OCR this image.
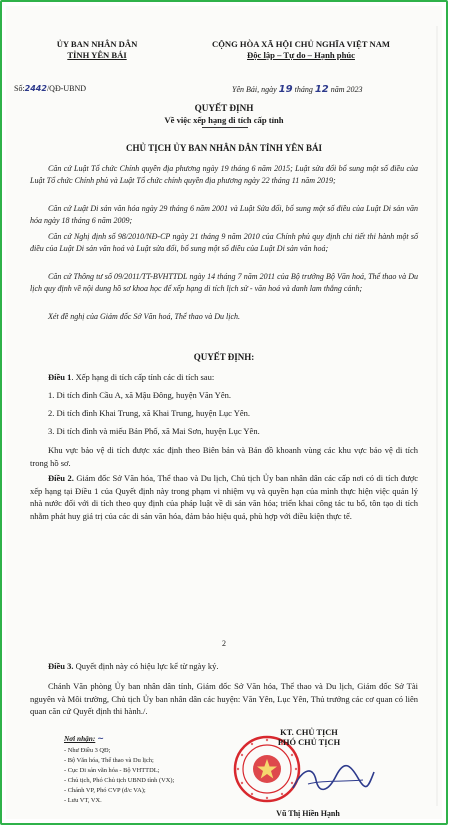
ỦY BAN NHÂN DÂN
TỈNH YÊN BÁI
CỘNG HÒA XÃ HỘI CHỦ NGHĨA VIỆT NAM
Độc lập – Tự do – Hạnh phúc
Số:2442/QĐ-UBND	Yên Bái, ngày 19 tháng 12 năm 2023
QUYẾT ĐỊNH
Về việc xếp hạng di tích cấp tỉnh
CHỦ TỊCH ỦY BAN NHÂN DÂN TỈNH YÊN BÁI
Căn cứ Luật Tổ chức Chính quyền địa phương ngày 19 tháng 6 năm 2015; Luật sửa đổi bổ sung một số điều của Luật Tổ chức Chính phủ và Luật Tổ chức chính quyền địa phương ngày 22 tháng 11 năm 2019;
Căn cứ Luật Di sản văn hóa ngày 29 tháng 6 năm 2001 và Luật Sửa đổi, bổ sung một số điều của Luật Di sản văn hóa ngày 18 tháng 6 năm 2009;
Căn cứ Nghị định số 98/2010/NĐ-CP ngày 21 tháng 9 năm 2010 của Chính phủ quy định chi tiết thi hành một số điều của Luật Di sản văn hoá và Luật sửa đổi, bổ sung một số điều của Luật Di sản văn hoá;
Căn cứ Thông tư số 09/2011/TT-BVHTTDL ngày 14 tháng 7 năm 2011 của Bộ trưởng Bộ Văn hoá, Thể thao và Du lịch quy định về nội dung hồ sơ khoa học để xếp hạng di tích lịch sử - văn hoá và danh lam thắng cảnh;
Xét đề nghị của Giám đốc Sở Văn hoá, Thể thao và Du lịch.
QUYẾT ĐỊNH:
Điều 1. Xếp hạng di tích cấp tỉnh các di tích sau:
1. Di tích đình Cầu A, xã Mậu Đông, huyện Văn Yên.
2. Di tích đình Khai Trung, xã Khai Trung, huyện Lục Yên.
3. Di tích đình và miếu Bản Phố, xã Mai Sơn, huyện Lục Yên.
Khu vực bảo vệ di tích được xác định theo Biên bản và Bản đồ khoanh vùng các khu vực bảo vệ di tích trong hồ sơ.
Điều 2. Giám đốc Sở Văn hóa, Thể thao và Du lịch, Chủ tịch Ủy ban nhân dân các cấp nơi có di tích được xếp hạng tại Điều 1 của Quyết định này trong phạm vi nhiệm vụ và quyền hạn của mình thực hiện việc quản lý nhà nước đối với di tích theo quy định của pháp luật về di sản văn hóa; triển khai công tác tu bổ, tôn tạo di tích nhằm phát huy giá trị của các di sản văn hóa, đảm bảo hiệu quả, phù hợp với điều kiện thực tế.
2
Điều 3. Quyết định này có hiệu lực kể từ ngày ký.
Chánh Văn phòng Ủy ban nhân dân tỉnh, Giám đốc Sở Văn hóa, Thể thao và Du lịch, Giám đốc Sở Tài nguyên và Môi trường, Chủ tịch Ủy ban nhân dân các huyện: Văn Yên, Lục Yên, Thủ trưởng các cơ quan có liên quan căn cứ Quyết định thi hành./.
Nơi nhận: ~
- Như Điều 3 QĐ;
- Bộ Văn hóa, Thể thao và Du lịch;
- Cục Di sản văn hóa - Bộ VHTTDL;
- Chủ tịch, Phó Chủ tịch UBND tỉnh (VX);
- Chánh VP, Phó CVP (đ/c VA);
- Lưu VT, VX.
KT. CHỦ TỊCH
PHÓ CHỦ TỊCH
Vũ Thị Hiền Hạnh
